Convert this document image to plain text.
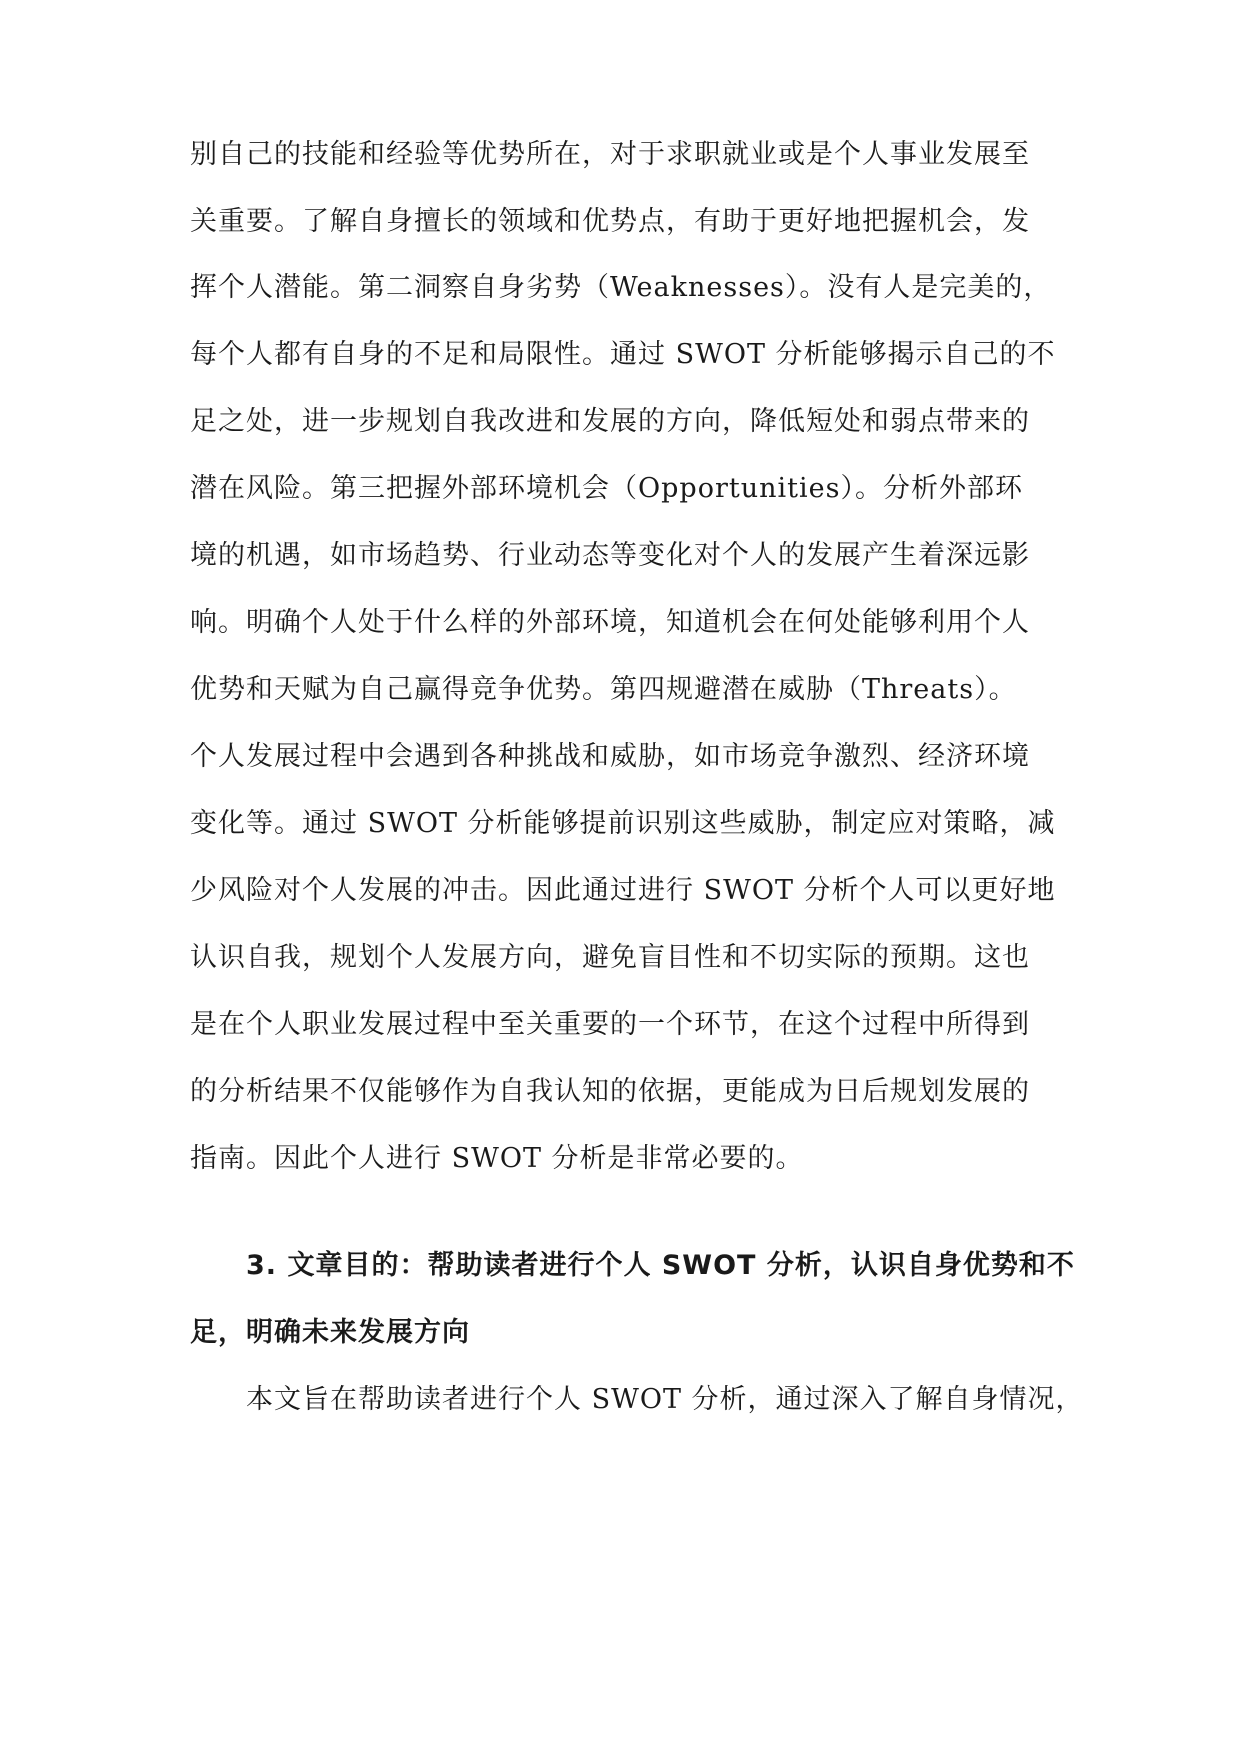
别自己的技能和经验等优势所在，对于求职就业或是个人事业发展至
关重要。了解自身擅长的领域和优势点，有助于更好地把握机会，发
挥个人潜能。第二洞察自身劣势（Weaknesses）。没有人是完美的，
每个人都有自身的不足和局限性。通过 SWOT 分析能够揭示自己的不
足之处，进一步规划自我改进和发展的方向，降低短处和弱点带来的
潜在风险。第三把握外部环境机会（Opportunities）。分析外部环
境的机遇，如市场趋势、行业动态等变化对个人的发展产生着深远影
响。明确个人处于什么样的外部环境，知道机会在何处能够利用个人
优势和天赋为自己赢得竞争优势。第四规避潜在威胁（Threats）。
个人发展过程中会遇到各种挑战和威胁，如市场竞争激烈、经济环境
变化等。通过 SWOT 分析能够提前识别这些威胁，制定应对策略，减
少风险对个人发展的冲击。因此通过进行 SWOT 分析个人可以更好地
认识自我，规划个人发展方向，避免盲目性和不切实际的预期。这也
是在个人职业发展过程中至关重要的一个环节，在这个过程中所得到
的分析结果不仅能够作为自我认知的依据，更能成为日后规划发展的
指南。因此个人进行 SWOT 分析是非常必要的。
3. 文章目的：帮助读者进行个人 SWOT 分析，认识自身优势和不
足，明确未来发展方向
本文旨在帮助读者进行个人 SWOT 分析，通过深入了解自身情况，
